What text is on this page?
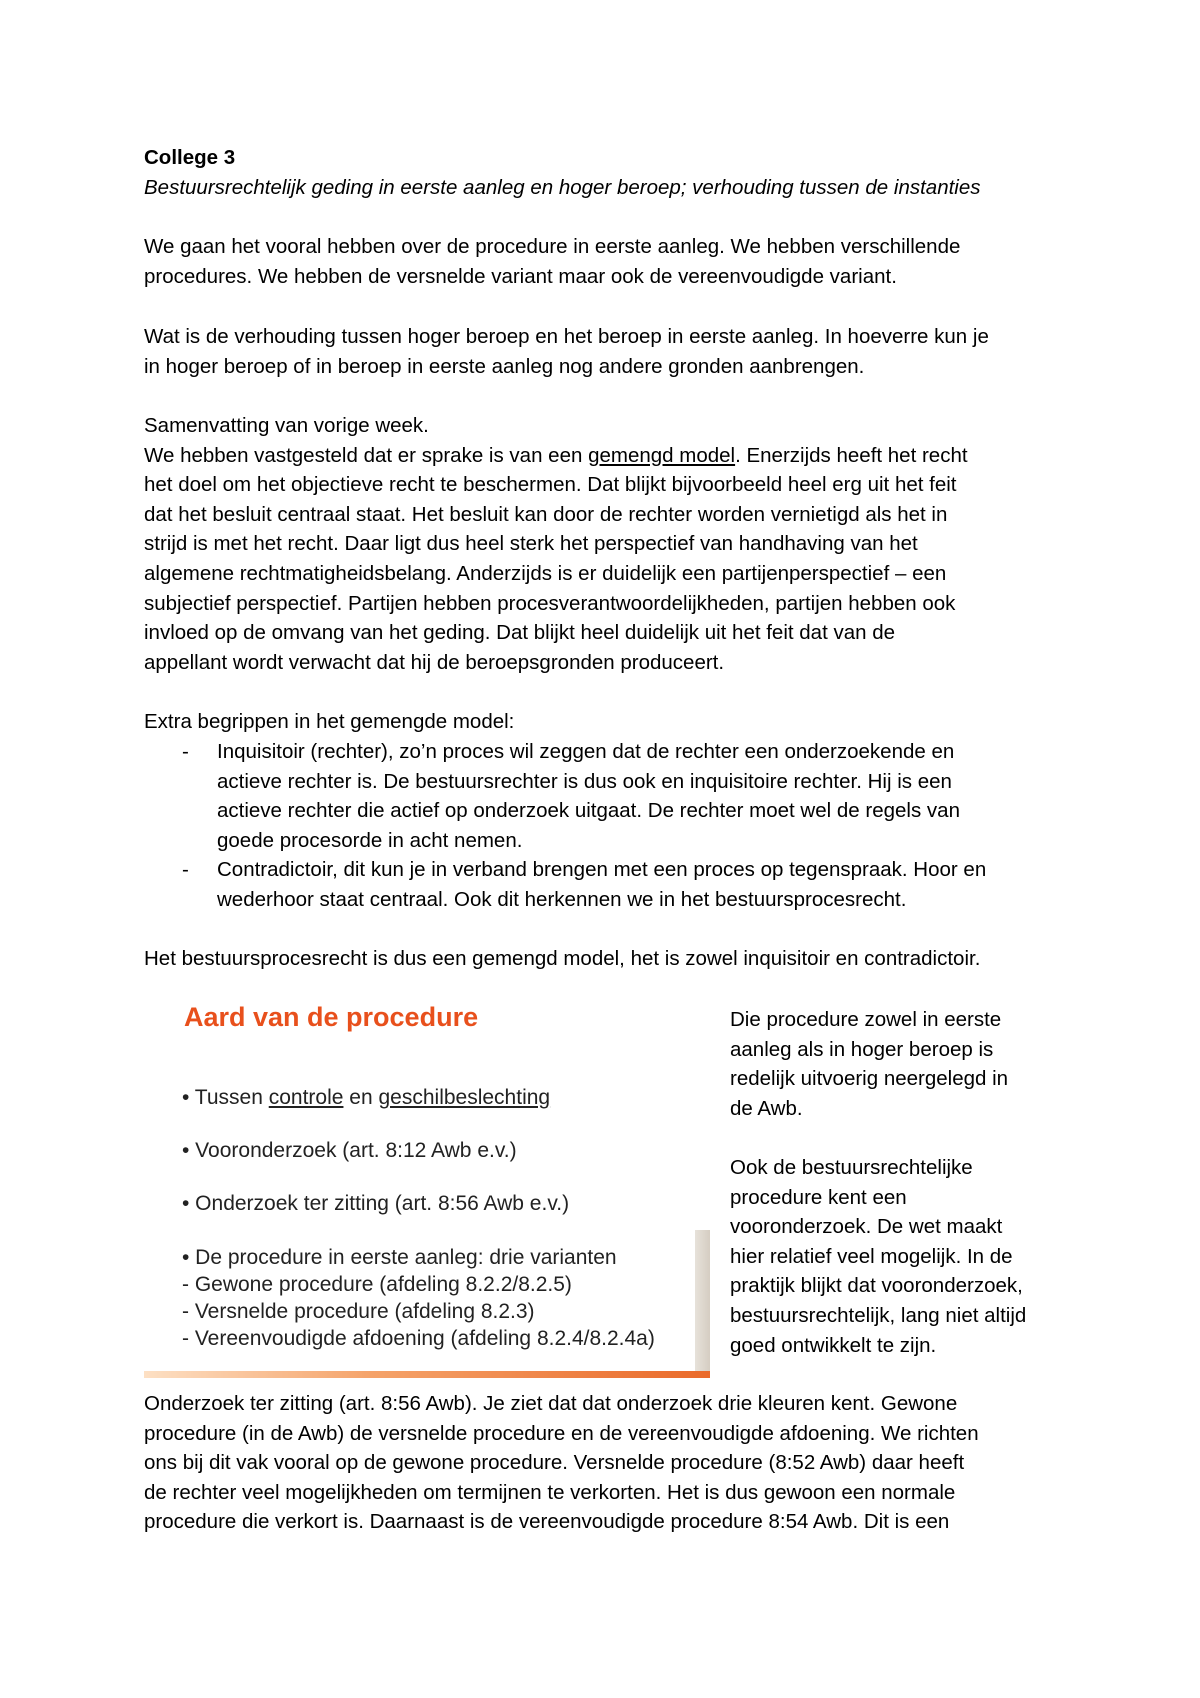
College 3
Bestuursrechtelijk geding in eerste aanleg en hoger beroep; verhouding tussen de instanties
We gaan het vooral hebben over de procedure in eerste aanleg. We hebben verschillende
procedures. We hebben de versnelde variant maar ook de vereenvoudigde variant.
Wat is de verhouding tussen hoger beroep en het beroep in eerste aanleg. In hoeverre kun je
in hoger beroep of in beroep in eerste aanleg nog andere gronden aanbrengen.
Samenvatting van vorige week.
We hebben vastgesteld dat er sprake is van een gemengd model. Enerzijds heeft het recht
het doel om het objectieve recht te beschermen. Dat blijkt bijvoorbeeld heel erg uit het feit
dat het besluit centraal staat. Het besluit kan door de rechter worden vernietigd als het in
strijd is met het recht. Daar ligt dus heel sterk het perspectief van handhaving van het
algemene rechtmatigheidsbelang. Anderzijds is er duidelijk een partijenperspectief – een
subjectief perspectief. Partijen hebben procesverantwoordelijkheden, partijen hebben ook
invloed op de omvang van het geding. Dat blijkt heel duidelijk uit het feit dat van de
appellant wordt verwacht dat hij de beroepsgronden produceert.
Extra begrippen in het gemengde model:
- Inquisitoir (rechter), zo’n proces wil zeggen dat de rechter een onderzoekende en
actieve rechter is. De bestuursrechter is dus ook en inquisitoire rechter. Hij is een
actieve rechter die actief op onderzoek uitgaat. De rechter moet wel de regels van
goede procesorde in acht nemen.
- Contradictoir, dit kun je in verband brengen met een proces op tegenspraak. Hoor en
wederhoor staat centraal. Ook dit herkennen we in het bestuursprocesrecht.
Het bestuursprocesrecht is dus een gemengd model, het is zowel inquisitoir en contradictoir.
Aard van de procedure
• Tussen controle en geschilbeslechting
• Vooronderzoek (art. 8:12 Awb e.v.)
• Onderzoek ter zitting (art. 8:56 Awb e.v.)
• De procedure in eerste aanleg: drie varianten
- Gewone procedure (afdeling 8.2.2/8.2.5)
- Versnelde procedure (afdeling 8.2.3)
- Vereenvoudigde afdoening (afdeling 8.2.4/8.2.4a)
Die procedure zowel in eerste
aanleg als in hoger beroep is
redelijk uitvoerig neergelegd in
de Awb.

Ook de bestuursrechtelijke
procedure kent een
vooronderzoek. De wet maakt
hier relatief veel mogelijk. In de
praktijk blijkt dat vooronderzoek,
bestuursrechtelijk, lang niet altijd
goed ontwikkelt te zijn.
Onderzoek ter zitting (art. 8:56 Awb). Je ziet dat dat onderzoek drie kleuren kent. Gewone
procedure (in de Awb) de versnelde procedure en de vereenvoudigde afdoening. We richten
ons bij dit vak vooral op de gewone procedure. Versnelde procedure (8:52 Awb) daar heeft
de rechter veel mogelijkheden om termijnen te verkorten. Het is dus gewoon een normale
procedure die verkort is. Daarnaast is de vereenvoudigde procedure 8:54 Awb. Dit is een
